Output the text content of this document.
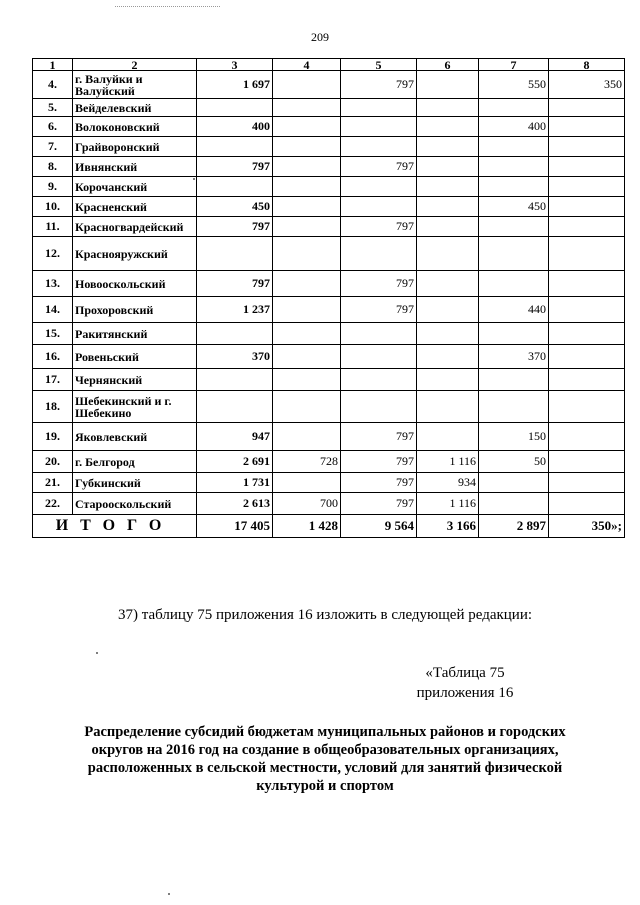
209
1	2	3	4	5	6	7	8
4.	г. Валуйки и Валуйский	1 697		797		550	350
5.	Вейделевский						
6.	Волоконовский	400				400	
7.	Грайворонский						
8.	Ивнянский	797		797			
9.	Корочанский						
10.	Красненский	450				450	
11.	Красногвардейский	797		797			
12.	Краснояружский						
13.	Новооскольский	797		797			
14.	Прохоровский	1 237		797		440	
15.	Ракитянский						
16.	Ровеньский	370				370	
17.	Чернянский						
18.	Шебекинский и г. Шебекино						
19.	Яковлевский	947		797		150	
20.	г. Белгород	2 691	728	797	1 116	50	
21.	Губкинский	1 731		797	934		
22.	Старооскольский	2 613	700	797	1 116		
ИТОГО		17 405	1 428	9 564	3 166	2 897	350»;
37) таблицу 75 приложения 16 изложить в следующей редакции:
«Таблица 75
приложения 16
Распределение субсидий бюджетам муниципальных районов и городских округов на 2016 год на создание в общеобразовательных организациях, расположенных в сельской местности, условий для занятий физической культурой и спортом
